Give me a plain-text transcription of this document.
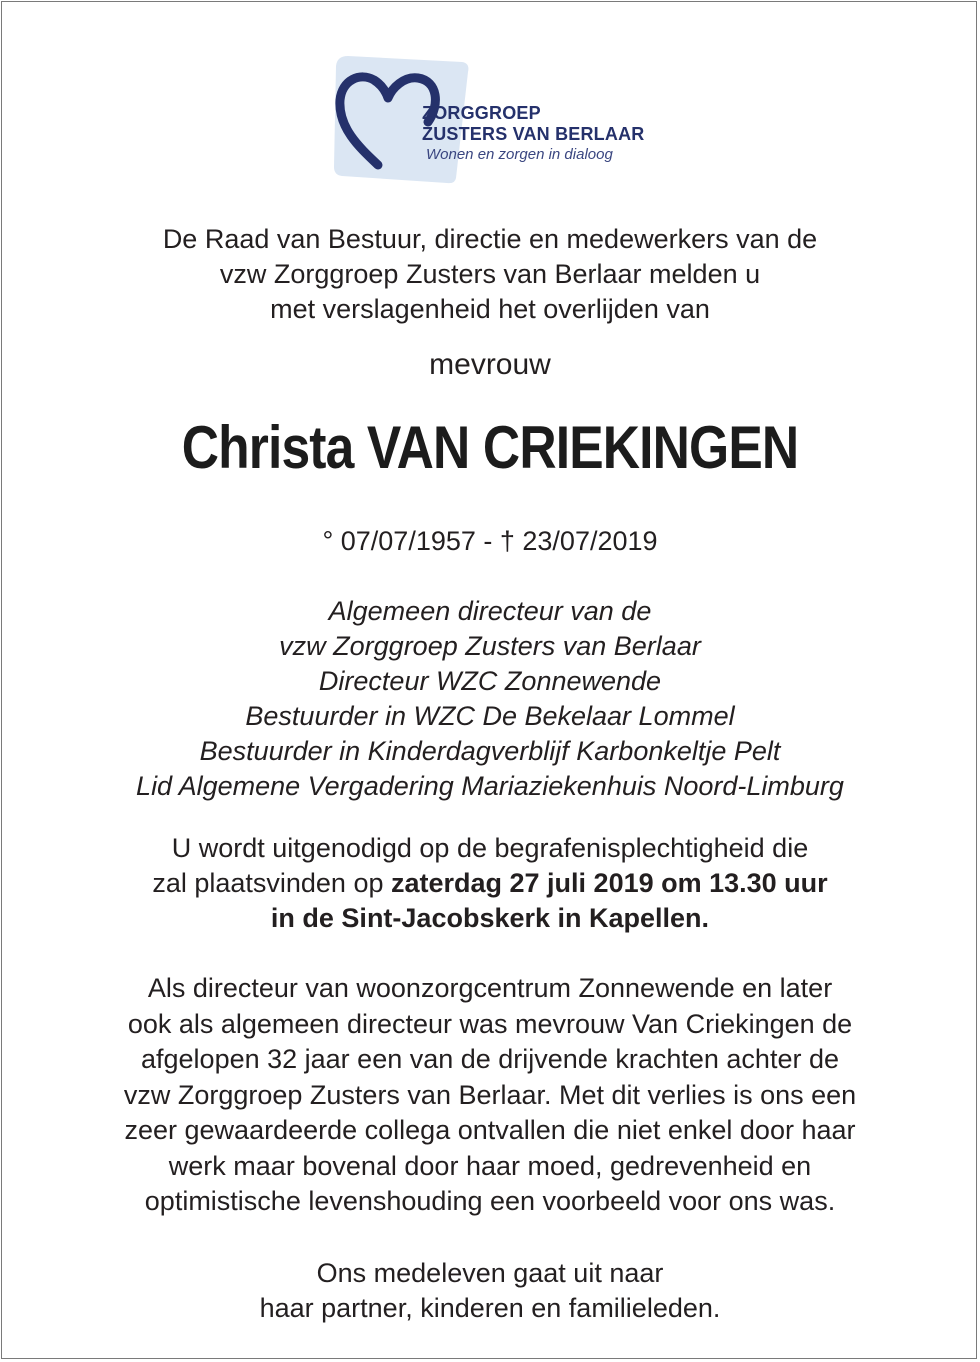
ZORGGROEP
ZUSTERS VAN BERLAAR
Wonen en zorgen in dialoog
De Raad van Bestuur, directie en medewerkers van de
vzw Zorggroep Zusters van Berlaar melden u
met verslagenheid het overlijden van
mevrouw
Christa VAN CRIEKINGEN
° 07/07/1957 - † 23/07/2019
Algemeen directeur van de
vzw Zorggroep Zusters van Berlaar
Directeur WZC Zonnewende
Bestuurder in WZC De Bekelaar Lommel
Bestuurder in Kinderdagverblijf Karbonkeltje Pelt
Lid Algemene Vergadering Mariaziekenhuis Noord-Limburg
U wordt uitgenodigd op de begrafenisplechtigheid die
zal plaatsvinden op zaterdag 27 juli 2019 om 13.30 uur
in de Sint-Jacobskerk in Kapellen.
Als directeur van woonzorgcentrum Zonnewende en later
ook als algemeen directeur was mevrouw Van Criekingen de
afgelopen 32 jaar een van de drijvende krachten achter de
vzw Zorggroep Zusters van Berlaar. Met dit verlies is ons een
zeer gewaardeerde collega ontvallen die niet enkel door haar
werk maar bovenal door haar moed, gedrevenheid en
optimistische levenshouding een voorbeeld voor ons was.
Ons medeleven gaat uit naar
haar partner, kinderen en familieleden.
